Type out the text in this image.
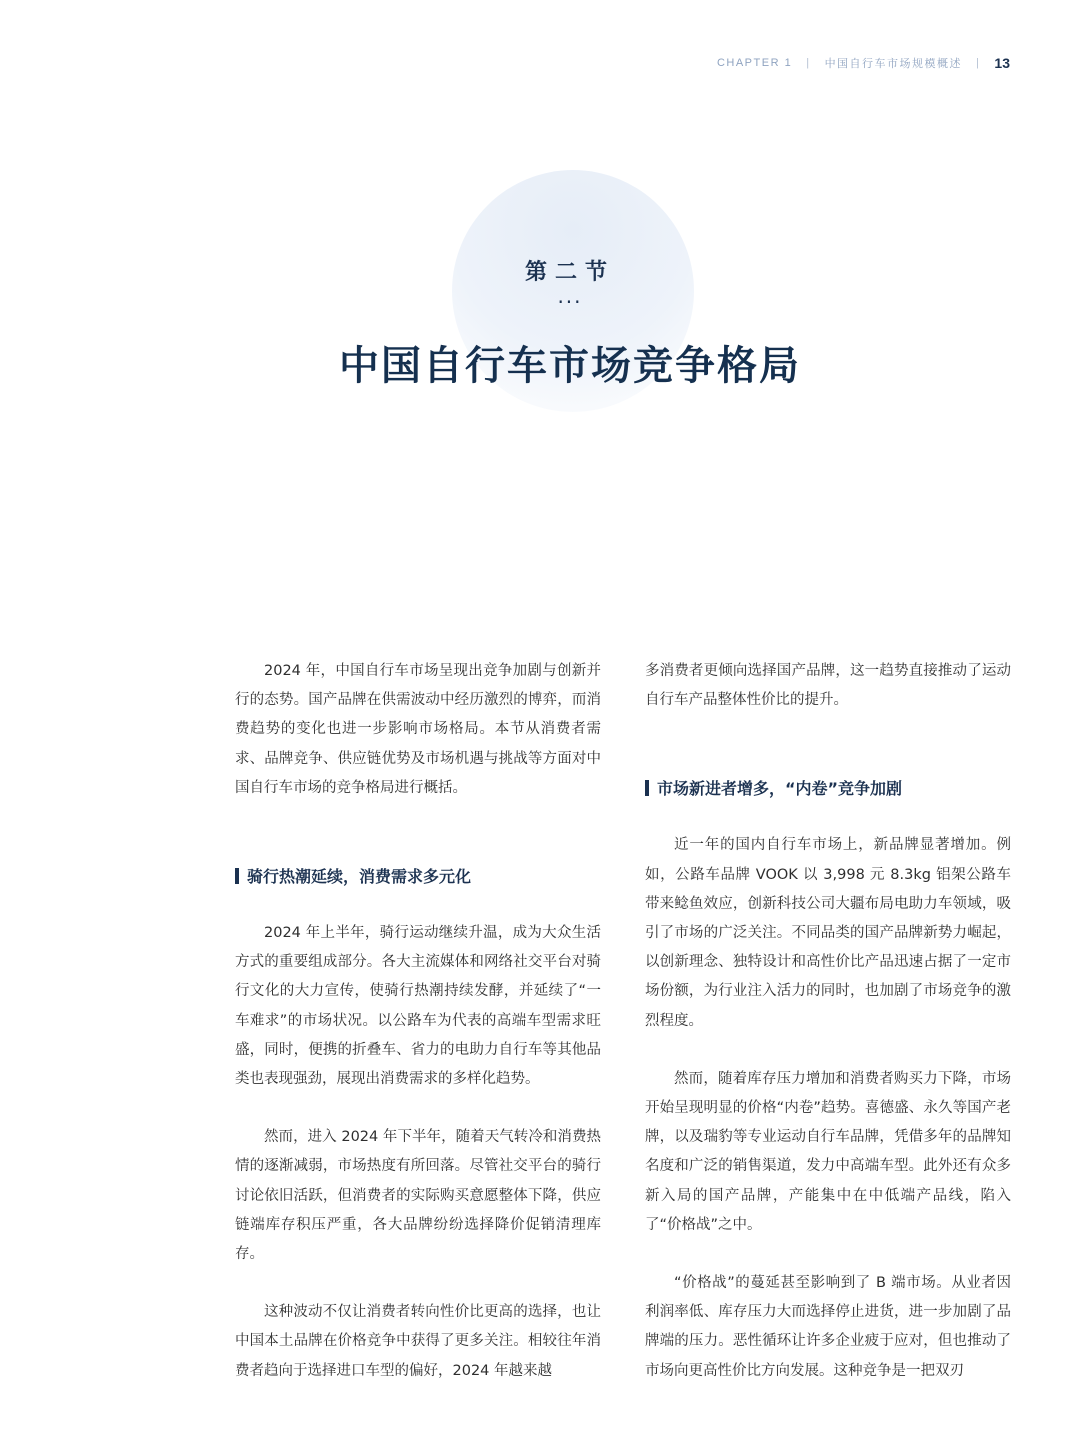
CHAPTER 1 | 中国自行车市场规模概述 | 13
第二节
···
中国自行车市场竞争格局

2024 年，中国自行车市场呈现出竞争加剧与创新并行的态势。国产品牌在供需波动中经历激烈的博弈，而消费趋势的变化也进一步影响市场格局。本节从消费者需求、品牌竞争、供应链优势及市场机遇与挑战等方面对中国自行车市场的竞争格局进行概括。

骑行热潮延续，消费需求多元化

2024 年上半年，骑行运动继续升温，成为大众生活方式的重要组成部分。各大主流媒体和网络社交平台对骑行文化的大力宣传，使骑行热潮持续发酵，并延续了“一车难求”的市场状况。以公路车为代表的高端车型需求旺盛，同时，便携的折叠车、省力的电助力自行车等其他品类也表现强劲，展现出消费需求的多样化趋势。

然而，进入 2024 年下半年，随着天气转冷和消费热情的逐渐减弱，市场热度有所回落。尽管社交平台的骑行讨论依旧活跃，但消费者的实际购买意愿整体下降，供应链端库存积压严重，各大品牌纷纷选择降价促销清理库存。

这种波动不仅让消费者转向性价比更高的选择，也让中国本土品牌在价格竞争中获得了更多关注。相较往年消费者趋向于选择进口车型的偏好，2024 年越来越

多消费者更倾向选择国产品牌，这一趋势直接推动了运动自行车产品整体性价比的提升。

市场新进者增多，“内卷”竞争加剧

近一年的国内自行车市场上，新品牌显著增加。例如，公路车品牌 VOOK 以 3,998 元 8.3kg 铝架公路车带来鲶鱼效应，创新科技公司大疆布局电助力车领域，吸引了市场的广泛关注。不同品类的国产品牌新势力崛起，以创新理念、独特设计和高性价比产品迅速占据了一定市场份额，为行业注入活力的同时，也加剧了市场竞争的激烈程度。

然而，随着库存压力增加和消费者购买力下降，市场开始呈现明显的价格“内卷”趋势。喜德盛、永久等国产老牌，以及瑞豹等专业运动自行车品牌，凭借多年的品牌知名度和广泛的销售渠道，发力中高端车型。此外还有众多新入局的国产品牌，产能集中在中低端产品线，陷入了“价格战”之中。

“价格战”的蔓延甚至影响到了 B 端市场。从业者因利润率低、库存压力大而选择停止进货，进一步加剧了品牌端的压力。恶性循环让许多企业疲于应对，但也推动了市场向更高性价比方向发展。这种竞争是一把双刃
